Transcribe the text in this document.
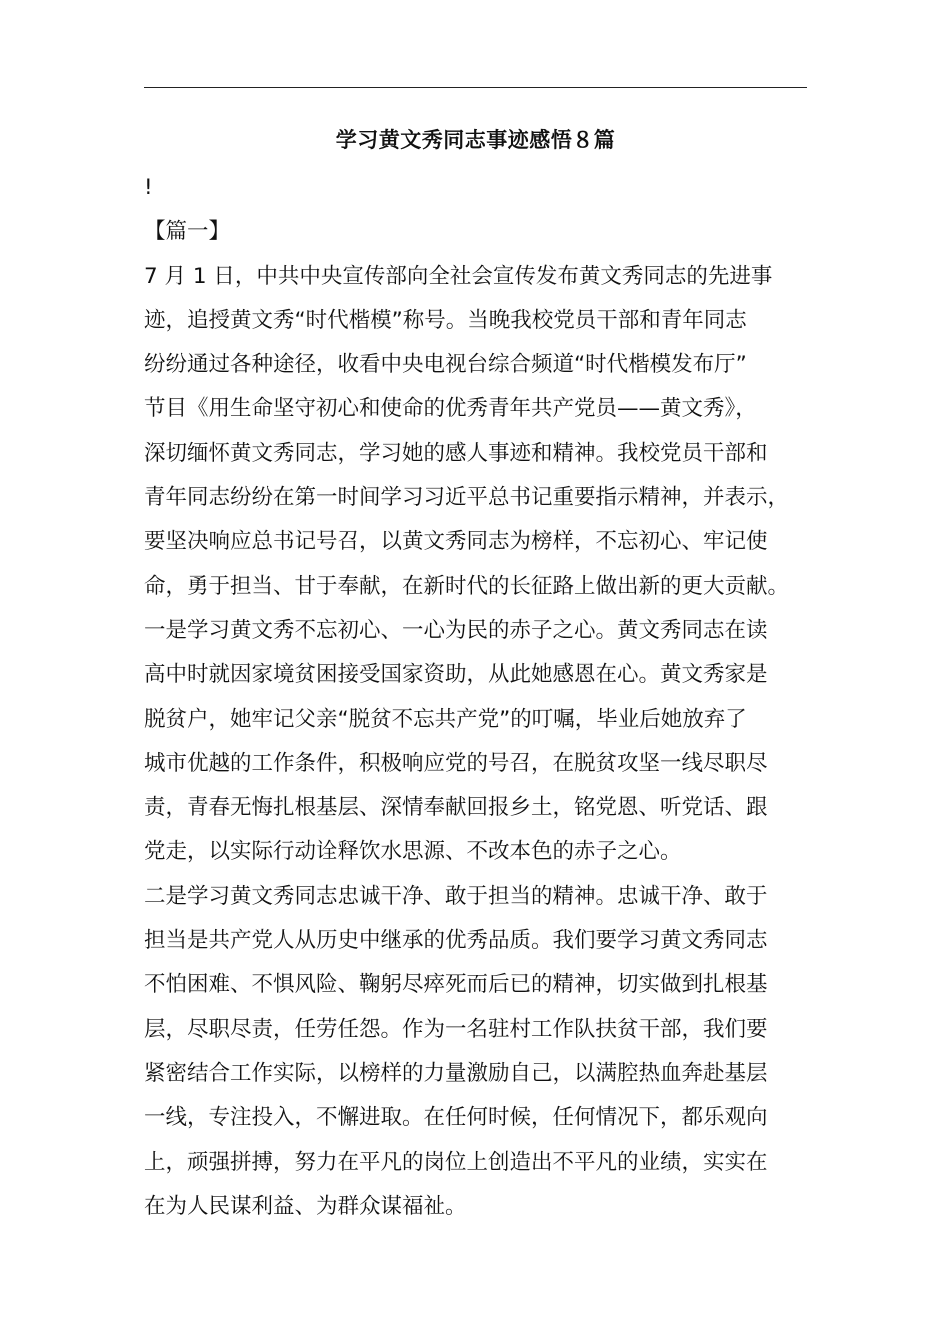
学习黄文秀同志事迹感悟８篇
!
【篇一】
7 月 1 日，中共中央宣传部向全社会宣传发布黄文秀同志的先进事
迹，追授黄文秀“时代楷模”称号。当晚我校党员干部和青年同志
纷纷通过各种途径，收看中央电视台综合频道“时代楷模发布厅”
节目《用生命坚守初心和使命的优秀青年共产党员——黄文秀》，
深切缅怀黄文秀同志，学习她的感人事迹和精神。我校党员干部和
青年同志纷纷在第一时间学习习近平总书记重要指示精神，并表示，
要坚决响应总书记号召，以黄文秀同志为榜样，不忘初心、牢记使
命，勇于担当、甘于奉献，在新时代的长征路上做出新的更大贡献。
一是学习黄文秀不忘初心、一心为民的赤子之心。黄文秀同志在读
高中时就因家境贫困接受国家资助，从此她感恩在心。黄文秀家是
脱贫户，她牢记父亲“脱贫不忘共产党”的叮嘱，毕业后她放弃了
城市优越的工作条件，积极响应党的号召，在脱贫攻坚一线尽职尽
责，青春无悔扎根基层、深情奉献回报乡土，铭党恩、听党话、跟
党走，以实际行动诠释饮水思源、不改本色的赤子之心。
二是学习黄文秀同志忠诚干净、敢于担当的精神。忠诚干净、敢于
担当是共产党人从历史中继承的优秀品质。我们要学习黄文秀同志
不怕困难、不惧风险、鞠躬尽瘁死而后已的精神，切实做到扎根基
层，尽职尽责，任劳任怨。作为一名驻村工作队扶贫干部，我们要
紧密结合工作实际，以榜样的力量激励自己，以满腔热血奔赴基层
一线，专注投入，不懈进取。在任何时候，任何情况下，都乐观向
上，顽强拼搏，努力在平凡的岗位上创造出不平凡的业绩，实实在
在为人民谋利益、为群众谋福祉。
